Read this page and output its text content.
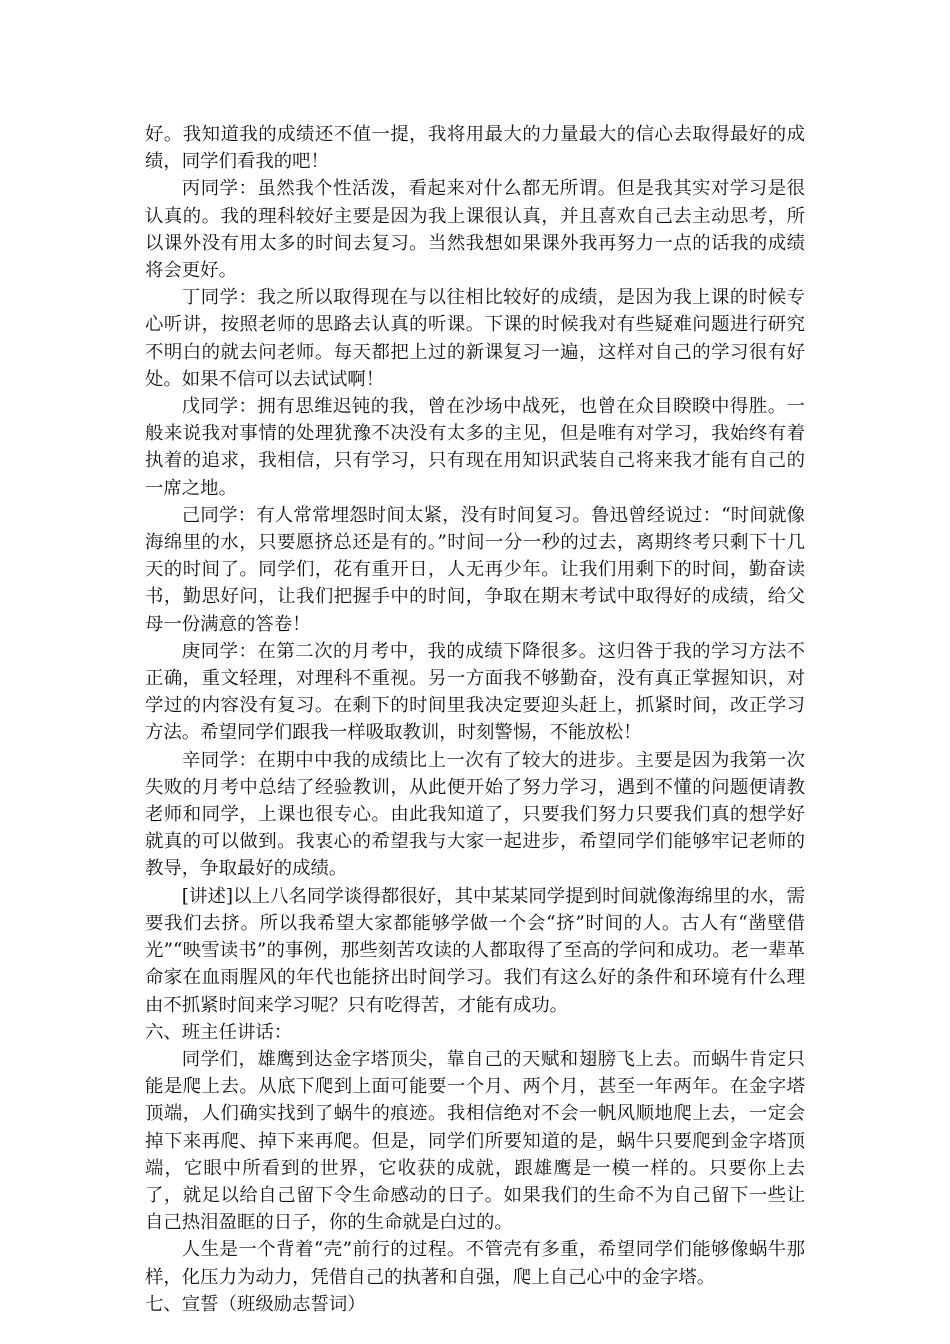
好。我知道我的成绩还不值一提，我将用最大的力量最大的信心去取得最好的成绩，同学们看我的吧！

丙同学：虽然我个性活泼，看起来对什么都无所谓。但是我其实对学习是很认真的。我的理科较好主要是因为我上课很认真，并且喜欢自己去主动思考，所以课外没有用太多的时间去复习。当然我想如果课外我再努力一点的话我的成绩将会更好。

丁同学：我之所以取得现在与以往相比较好的成绩，是因为我上课的时候专心听讲，按照老师的思路去认真的听课。下课的时候我对有些疑难问题进行研究不明白的就去问老师。每天都把上过的新课复习一遍，这样对自己的学习很有好处。如果不信可以去试试啊！

戊同学：拥有思维迟钝的我，曾在沙场中战死，也曾在众目睽睽中得胜。一般来说我对事情的处理犹豫不决没有太多的主见，但是唯有对学习，我始终有着执着的追求，我相信，只有学习，只有现在用知识武装自己将来我才能有自己的一席之地。

己同学：有人常常埋怨时间太紧，没有时间复习。鲁迅曾经说过：“时间就像海绵里的水，只要愿挤总还是有的。”时间一分一秒的过去，离期终考只剩下十几天的时间了。同学们，花有重开日，人无再少年。让我们用剩下的时间，勤奋读书，勤思好问，让我们把握手中的时间，争取在期末考试中取得好的成绩，给父母一份满意的答卷！

庚同学：在第二次的月考中，我的成绩下降很多。这归咎于我的学习方法不正确，重文轻理，对理科不重视。另一方面我不够勤奋，没有真正掌握知识，对学过的内容没有复习。在剩下的时间里我决定要迎头赶上，抓紧时间，改正学习方法。希望同学们跟我一样吸取教训，时刻警惕，不能放松！

辛同学：在期中中我的成绩比上一次有了较大的进步。主要是因为我第一次失败的月考中总结了经验教训，从此便开始了努力学习，遇到不懂的问题便请教老师和同学，上课也很专心。由此我知道了，只要我们努力只要我们真的想学好就真的可以做到。我衷心的希望我与大家一起进步，希望同学们能够牢记老师的教导，争取最好的成绩。

[讲述]以上八名同学谈得都很好，其中某某同学提到时间就像海绵里的水，需要我们去挤。所以我希望大家都能够学做一个会“挤”时间的人。古人有“凿壁借光”“映雪读书”的事例，那些刻苦攻读的人都取得了至高的学问和成功。老一辈革命家在血雨腥风的年代也能挤出时间学习。我们有这么好的条件和环境有什么理由不抓紧时间来学习呢？只有吃得苦，才能有成功。

六、班主任讲话：

同学们，雄鹰到达金字塔顶尖，靠自己的天赋和翅膀飞上去。而蜗牛肯定只能是爬上去。从底下爬到上面可能要一个月、两个月，甚至一年两年。在金字塔顶端，人们确实找到了蜗牛的痕迹。我相信绝对不会一帆风顺地爬上去，一定会掉下来再爬、掉下来再爬。但是，同学们所要知道的是，蜗牛只要爬到金字塔顶端，它眼中所看到的世界，它收获的成就，跟雄鹰是一模一样的。只要你上去了，就足以给自己留下令生命感动的日子。如果我们的生命不为自己留下一些让自己热泪盈眶的日子，你的生命就是白过的。

人生是一个背着“壳”前行的过程。不管壳有多重，希望同学们能够像蜗牛那样，化压力为动力，凭借自己的执著和自强，爬上自己心中的金字塔。

七、宣誓（班级励志誓词）
